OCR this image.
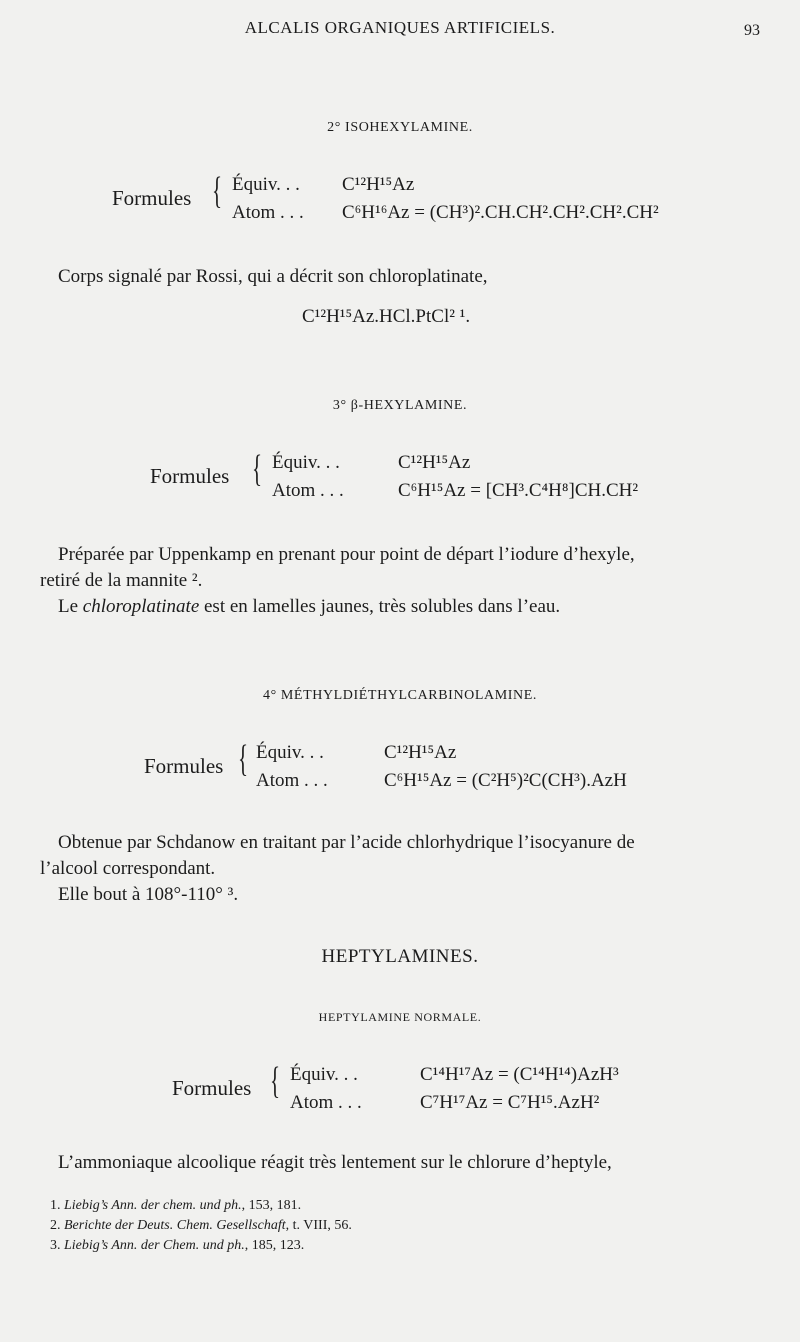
ALCALIS ORGANIQUES ARTIFICIELS.	93
2° ISOHEXYLAMINE.
Formules { Équiv. . . C¹²H¹⁵Az
Atom . . . C⁶H¹⁶Az = (CH³)².CH.CH².CH².CH².CH²
Corps signalé par Rossi, qui a décrit son chloroplatinate,
C¹²H¹⁵Az.HCl.PtCl² ¹.
3° β-HEXYLAMINE.
Formules { Équiv. . .	C¹²H¹⁵Az
Atom . . .	C⁶H¹⁵Az = [CH³.C⁴H⁸]CH.CH²
Préparée par Uppenkamp en prenant pour point de départ l’iodure d’hexyle,
retiré de la mannite ².
Le chloroplatinate est en lamelles jaunes, très solubles dans l’eau.
4° MÉTHYLDIÉTHYLCARBINOLAMINE.
Formules { Équiv. . .	C¹²H¹⁵Az
Atom . . .	C⁶H¹⁵Az = (C²H⁵)²C(CH³).AzH
Obtenue par Schdanow en traitant par l’acide chlorhydrique l’isocyanure de
l’alcool correspondant.
Elle bout à 108°-110° ³.
HEPTYLAMINES.
HEPTYLAMINE NORMALE.
Formules { Équiv. . .	C¹⁴H¹⁷Az = (C¹⁴H¹⁴)AzH³
Atom . . .	C⁷H¹⁷Az = C⁷H¹⁵.AzH²
L’ammoniaque alcoolique réagit très lentement sur le chlorure d’heptyle,
1. Liebig’s Ann. der chem. und ph., 153, 181.
2. Berichte der Deuts. Chem. Gesellschaft, t. VIII, 56.
3. Liebig’s Ann. der Chem. und ph., 185, 123.
